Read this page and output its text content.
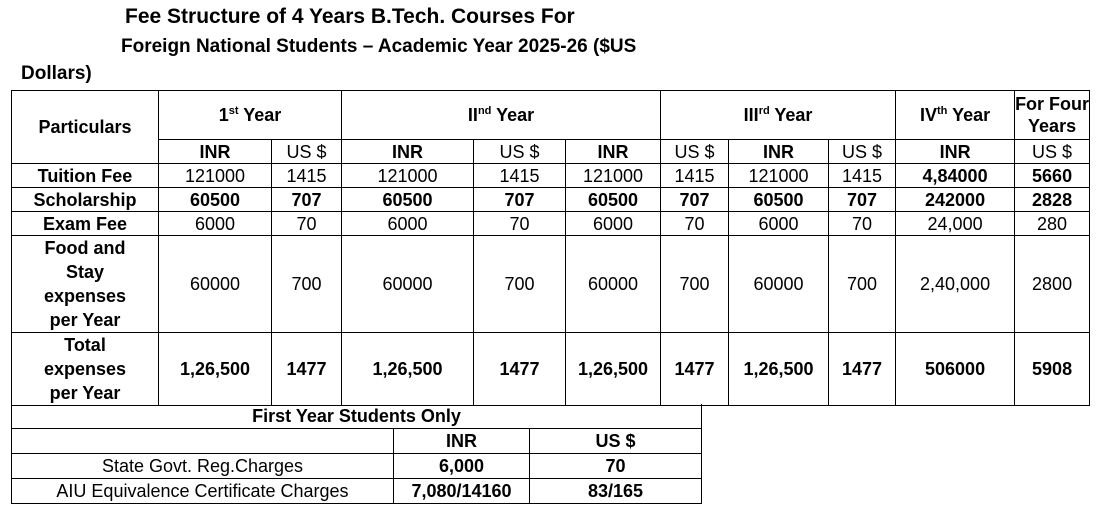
Fee Structure of 4 Years B.Tech. Courses For
Foreign National Students – Academic Year 2025-26 ($US
Dollars)
Particulars	1st Year		IInd Year			IIIrd Year			IVth Year	For Four Years
	INR	US $	INR	US $	INR	US $	INR	US $	INR	US $
Tuition Fee	121000	1415	121000	1415	121000	1415	121000	1415	4,84000	5660
Scholarship	60500	707	60500	707	60500	707	60500	707	242000	2828
Exam Fee	6000	70	6000	70	6000	70	6000	70	24,000	280
Food and Stay expenses per Year	60000	700	60000	700	60000	700	60000	700	2,40,000	2800
Total expenses per Year	1,26,500	1477	1,26,500	1477	1,26,500	1477	1,26,500	1477	506000	5908
First Year Students Only		
	INR	US $
State Govt. Reg.Charges	6,000	70
AIU Equivalence Certificate Charges	7,080/14160	83/165
